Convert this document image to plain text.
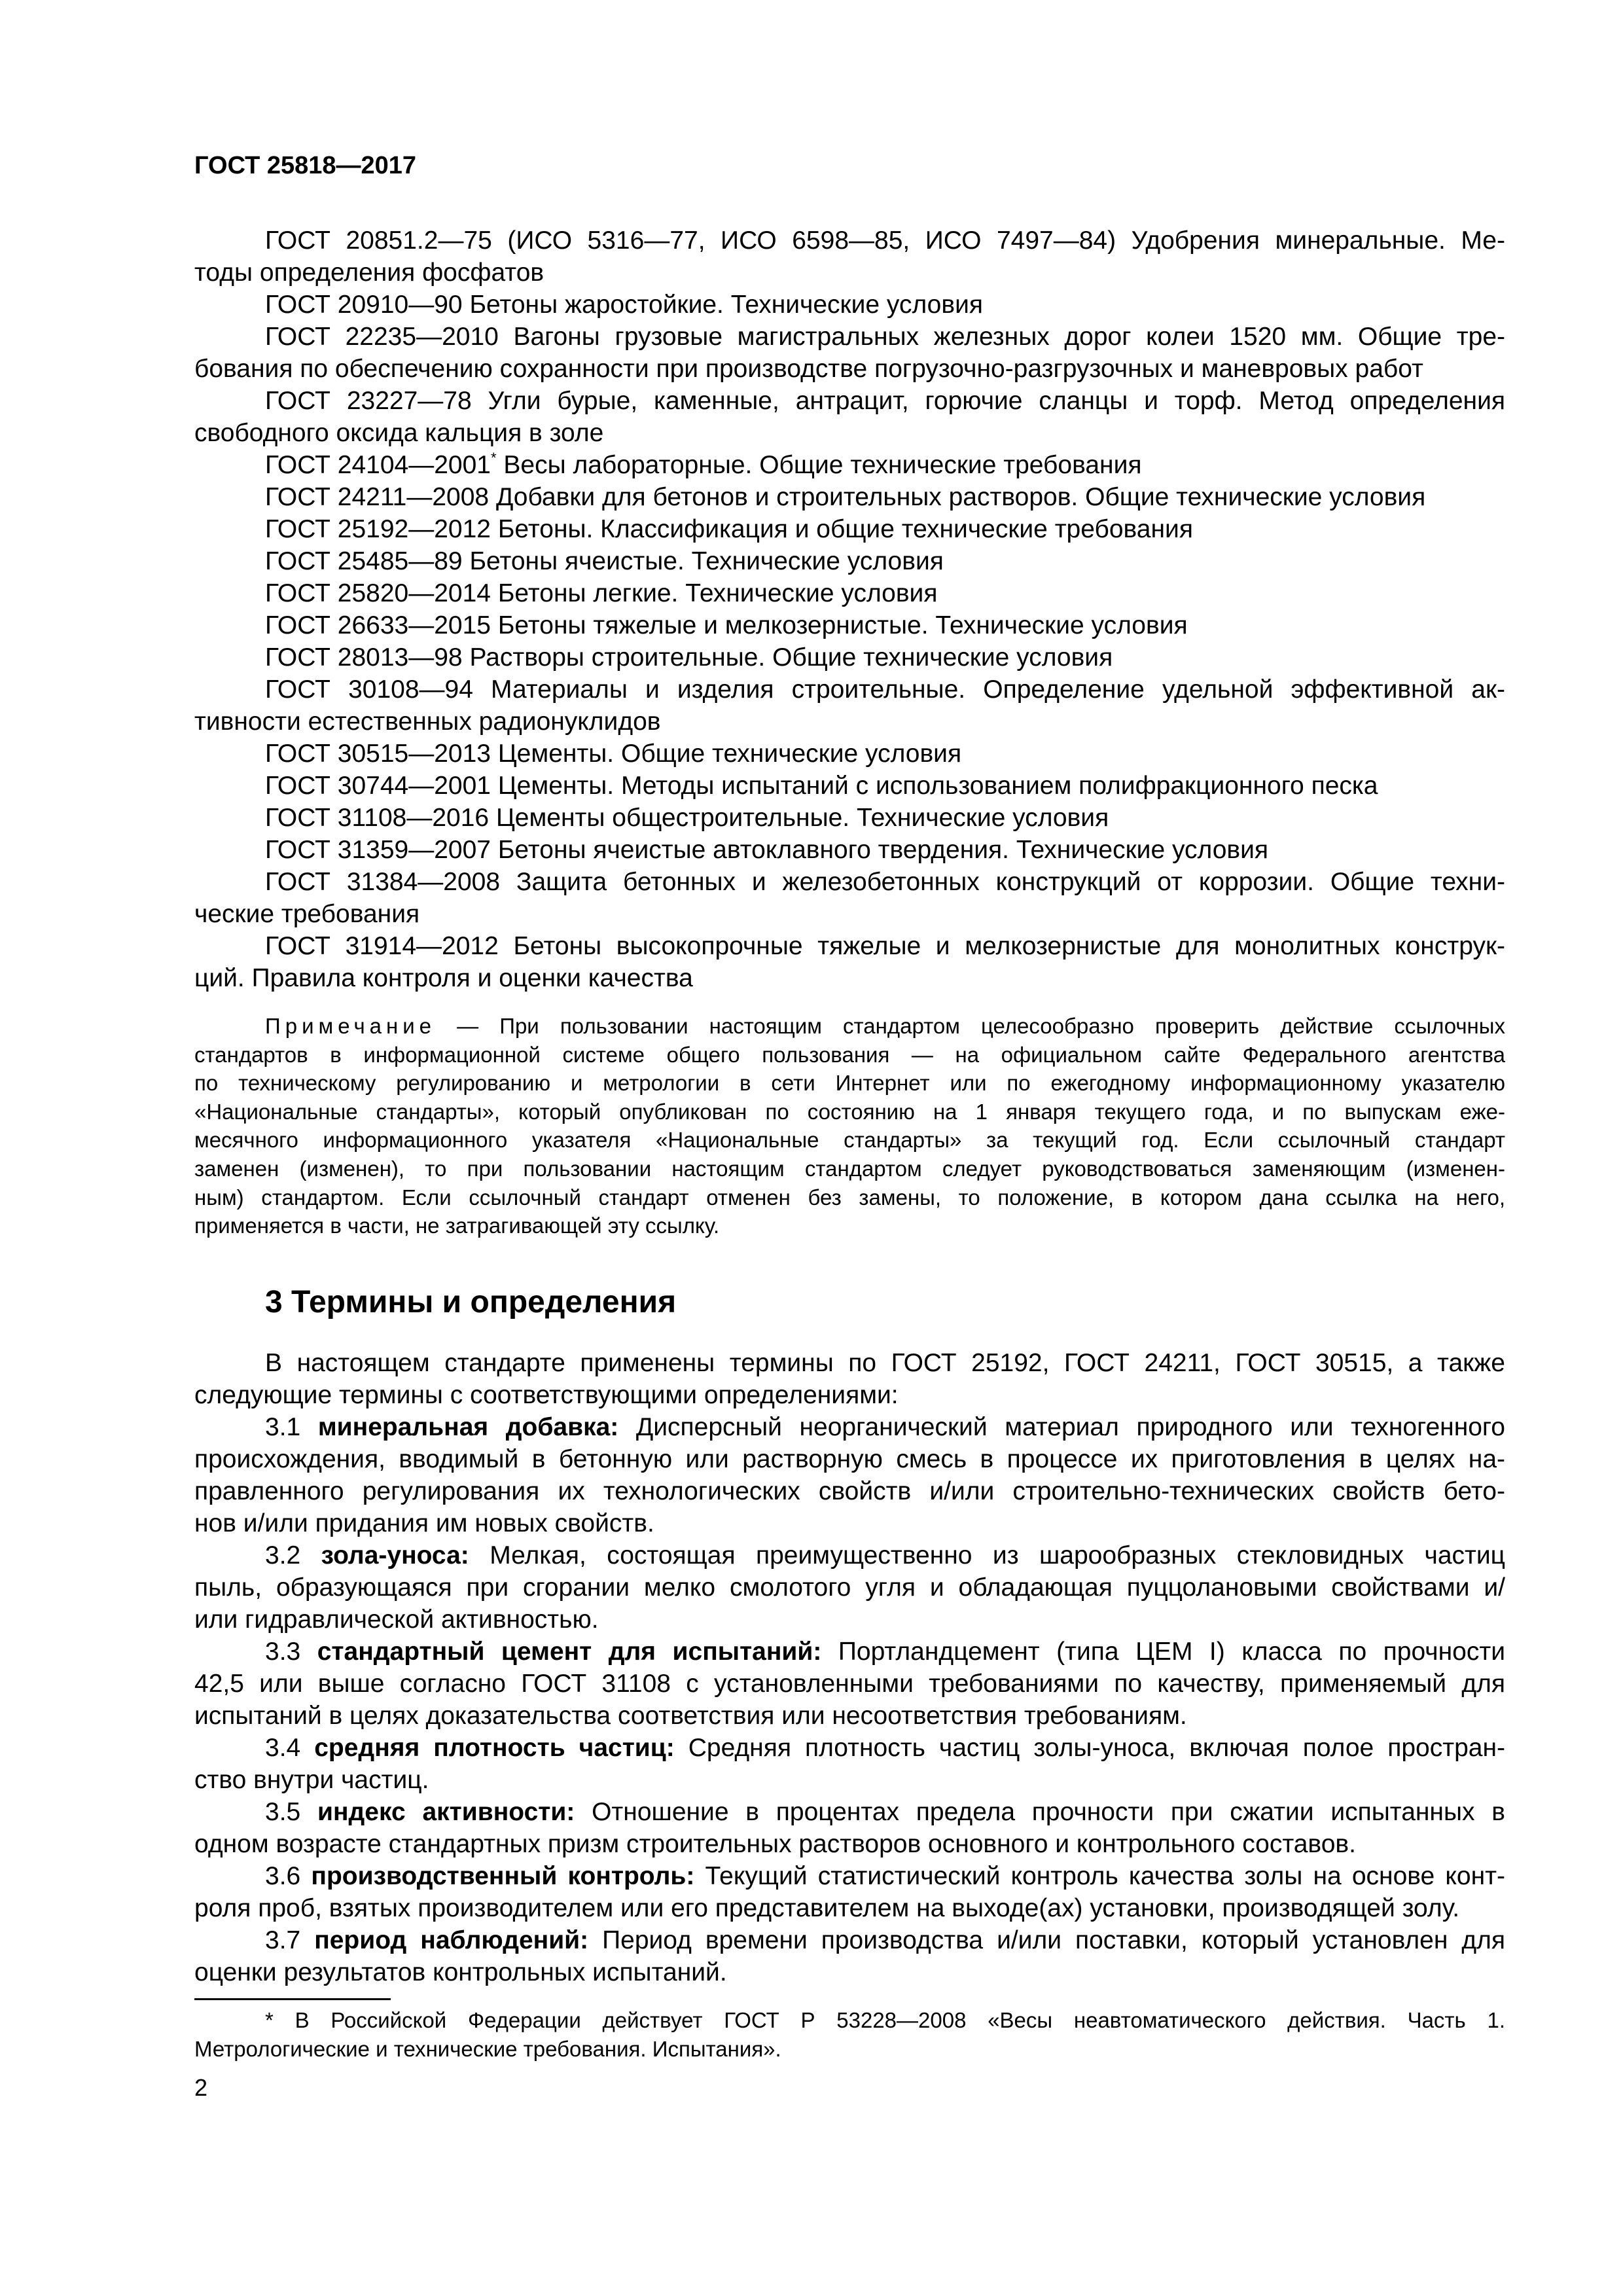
ГОСТ 25818—2017
ГОСТ 20851.2—75 (ИСО 5316—77, ИСО 6598—85, ИСО 7497—84) Удобрения минеральные. Ме-
тоды определения фосфатов
ГОСТ 20910—90 Бетоны жаростойкие. Технические условия
ГОСТ 22235—2010 Вагоны грузовые магистральных железных дорог колеи 1520 мм. Общие тре-
бования по обеспечению сохранности при производстве погрузочно-разгрузочных и маневровых работ
ГОСТ 23227—78 Угли бурые, каменные, антрацит, горючие сланцы и торф. Метод определения
свободного оксида кальция в золе
ГОСТ 24104—2001* Весы лабораторные. Общие технические требования
ГОСТ 24211—2008 Добавки для бетонов и строительных растворов. Общие технические условия
ГОСТ 25192—2012 Бетоны. Классификация и общие технические требования
ГОСТ 25485—89 Бетоны ячеистые. Технические условия
ГОСТ 25820—2014 Бетоны легкие. Технические условия
ГОСТ 26633—2015 Бетоны тяжелые и мелкозернистые. Технические условия
ГОСТ 28013—98 Растворы строительные. Общие технические условия
ГОСТ 30108—94 Материалы и изделия строительные. Определение удельной эффективной ак-
тивности естественных радионуклидов
ГОСТ 30515—2013 Цементы. Общие технические условия
ГОСТ 30744—2001 Цементы. Методы испытаний с использованием полифракционного песка
ГОСТ 31108—2016 Цементы общестроительные. Технические условия
ГОСТ 31359—2007 Бетоны ячеистые автоклавного твердения. Технические условия
ГОСТ 31384—2008 Защита бетонных и железобетонных конструкций от коррозии. Общие техни-
ческие требования
ГОСТ 31914—2012 Бетоны высокопрочные тяжелые и мелкозернистые для монолитных конструк-
ций. Правила контроля и оценки качества
Примечание — При пользовании настоящим стандартом целесообразно проверить действие ссылочных
стандартов в информационной системе общего пользования — на официальном сайте Федерального агентства
по техническому регулированию и метрологии в сети Интернет или по ежегодному информационному указателю
«Национальные стандарты», который опубликован по состоянию на 1 января текущего года, и по выпускам еже-
месячного информационного указателя «Национальные стандарты» за текущий год. Если ссылочный стандарт
заменен (изменен), то при пользовании настоящим стандартом следует руководствоваться заменяющим (изменен-
ным) стандартом. Если ссылочный стандарт отменен без замены, то положение, в котором дана ссылка на него,
применяется в части, не затрагивающей эту ссылку.
3 Термины и определения
В настоящем стандарте применены термины по ГОСТ 25192, ГОСТ 24211, ГОСТ 30515, а также
следующие термины с соответствующими определениями:
3.1 минеральная добавка: Дисперсный неорганический материал природного или техногенного
происхождения, вводимый в бетонную или растворную смесь в процессе их приготовления в целях на-
правленного регулирования их технологических свойств и/или строительно-технических свойств бето-
нов и/или придания им новых свойств.
3.2 зола-уноса: Мелкая, состоящая преимущественно из шарообразных стекловидных частиц
пыль, образующаяся при сгорании мелко смолотого угля и обладающая пуццолановыми свойствами и/
или гидравлической активностью.
3.3 стандартный цемент для испытаний: Портландцемент (типа ЦЕМ I) класса по прочности
42,5 или выше согласно ГОСТ 31108 с установленными требованиями по качеству, применяемый для
испытаний в целях доказательства соответствия или несоответствия требованиям.
3.4 средняя плотность частиц: Средняя плотность частиц золы-уноса, включая полое простран-
ство внутри частиц.
3.5 индекс активности: Отношение в процентах предела прочности при сжатии испытанных в
одном возрасте стандартных призм строительных растворов основного и контрольного составов.
3.6 производственный контроль: Текущий статистический контроль качества золы на основе конт-
роля проб, взятых производителем или его представителем на выходе(ах) установки, производящей золу.
3.7 период наблюдений: Период времени производства и/или поставки, который установлен для
оценки результатов контрольных испытаний.
* В Российской Федерации действует ГОСТ Р 53228—2008 «Весы неавтоматического действия. Часть 1.
Метрологические и технические требования. Испытания».
2
